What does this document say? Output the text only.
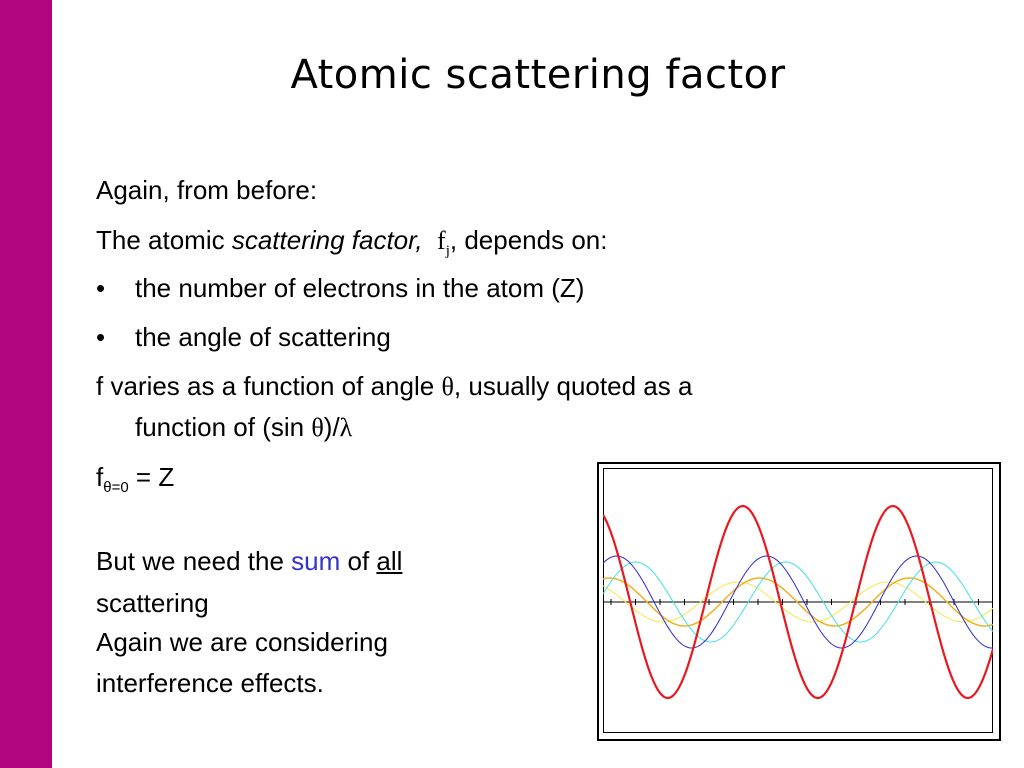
Atomic scattering factor
Again, from before:
The atomic scattering factor, $f_j$, depends on:
• the number of electrons in the atom (Z)
• the angle of scattering
f varies as a function of angle θ, usually quoted as a
function of (sin θ)/λ
$f_{\theta=0} = Z$
But we need the sum of all
scattering
Again we are considering
interference effects.
